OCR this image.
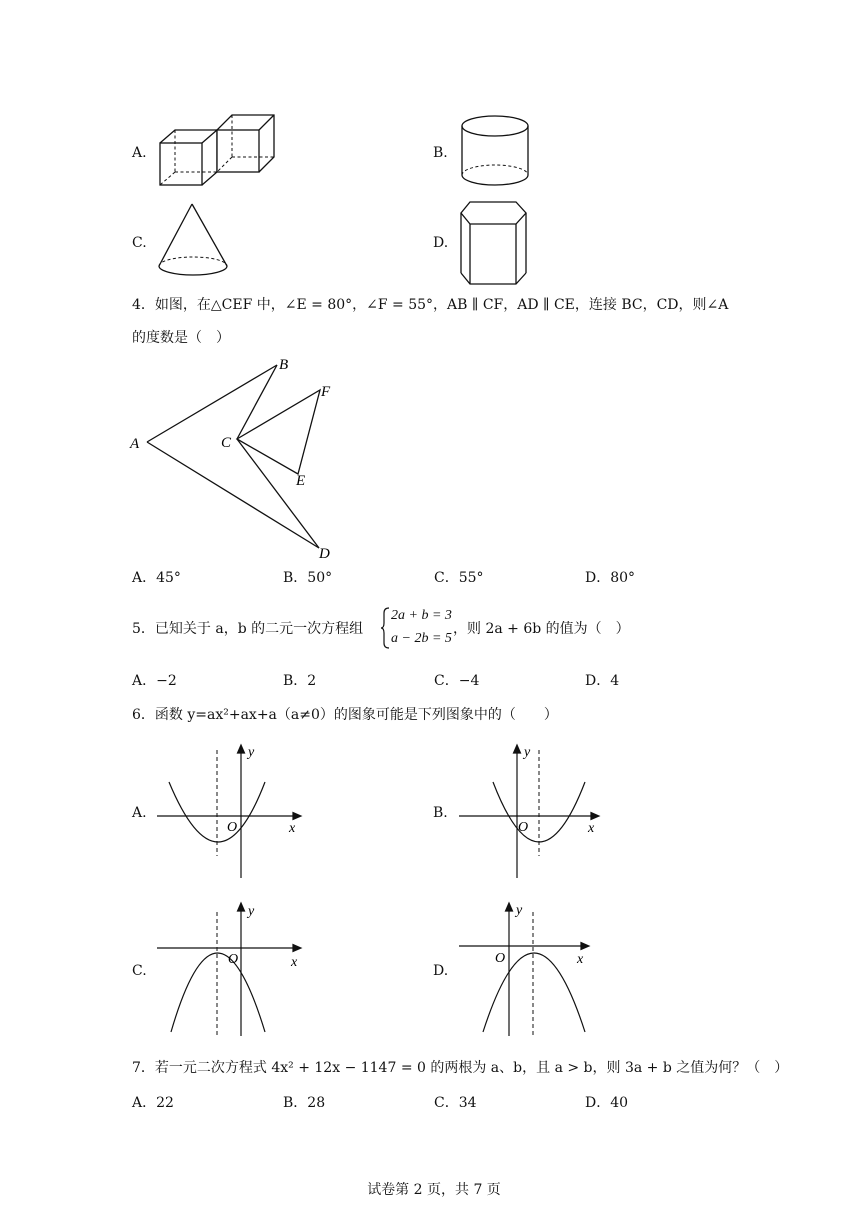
A.	B.
C.	D.
4．如图，在△CEF 中，∠E = 80°，∠F = 55°，AB ∥ CF，AD ∥ CE，连接 BC，CD，则∠A
的度数是（　）
A
B
C
D
E
F
A．45°	B．50°	C．55°	D．80°
5．已知关于 a，b 的二元一次方程组
2a + b = 3
a − 2b = 5
，则 2a + 6b 的值为（　）
A．−2	B．2	C．−4	D．4
6．函数 y=ax²+ax+a（a≠0）的图象可能是下列图象中的（　　）
A.
y
x
O
B.
y
x
O
C.
y
x
O
D.
y
x
O
7．若一元二次方程式 4x² + 12x − 1147 = 0 的两根为 a、b，且 a > b，则 3a + b 之值为何？（　）
A．22	B．28	C．34	D．40
试卷第 2 页，共 7 页
